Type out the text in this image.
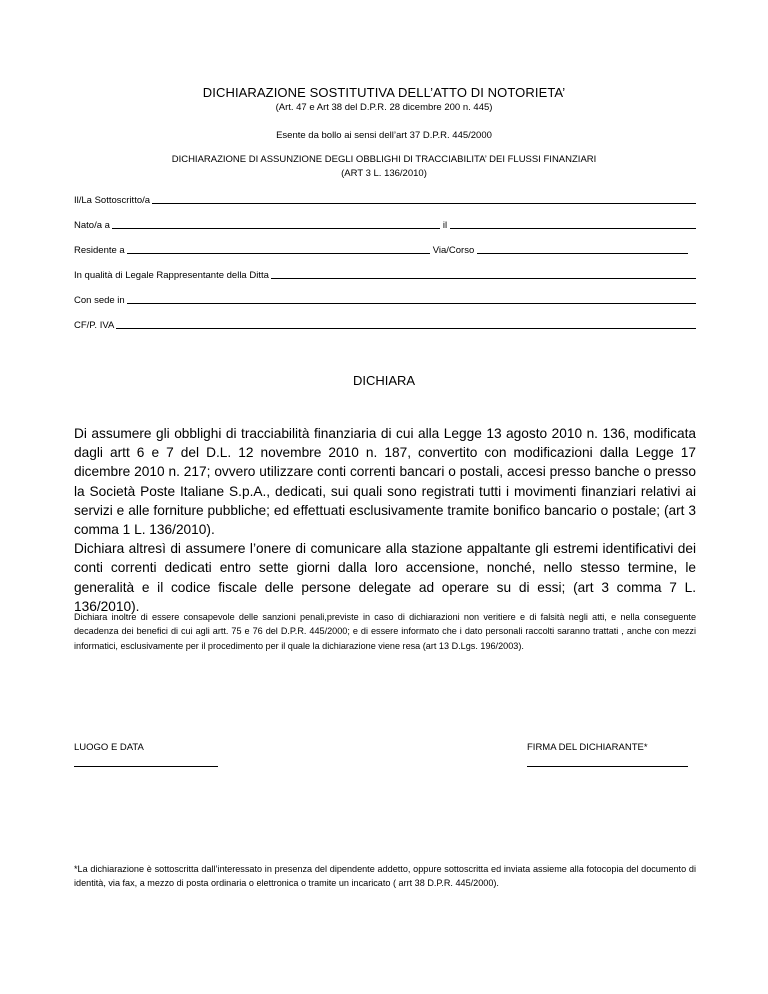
DICHIARAZIONE SOSTITUTIVA DELL’ATTO DI NOTORIETA’
(Art. 47 e Art 38 del D.P.R. 28 dicembre 200 n. 445)
Esente da bollo ai sensi dell’art 37 D.P.R. 445/2000
DICHIARAZIONE DI ASSUNZIONE DEGLI OBBLIGHI DI TRACCIABILITA’ DEI FLUSSI FINANZIARI
(ART 3 L. 136/2010)
Il/La Sottoscritto/a
Nato/a a	il
Residente a	Via/Corso
In qualità di Legale Rappresentante della Ditta
Con sede in
CF/P. IVA
DICHIARA

Di assumere gli obblighi di tracciabilità finanziaria di cui alla Legge 13 agosto 2010 n. 136, modificata dagli artt 6 e 7 del D.L. 12 novembre 2010 n. 187, convertito con modificazioni dalla Legge 17 dicembre 2010 n. 217; ovvero utilizzare conti correnti bancari o postali, accesi presso banche o presso la Società Poste Italiane S.p.A., dedicati, sui quali sono registrati tutti i movimenti finanziari relativi ai servizi e alle forniture pubbliche; ed effettuati esclusivamente tramite bonifico bancario o postale; (art 3 comma 1 L. 136/2010).

Dichiara altresì di assumere l’onere di comunicare alla stazione appaltante gli estremi identificativi dei conti correnti dedicati entro sette giorni dalla loro accensione, nonché, nello stesso termine, le generalità e il codice fiscale delle persone delegate ad operare su di essi; (art 3 comma 7 L. 136/2010).

Dichiara inoltre di essere consapevole delle sanzioni penali,previste in caso di dichiarazioni non veritiere e di falsità negli atti, e nella conseguente decadenza dei benefici di cui agli artt. 75 e 76 del D.P.R. 445/2000; e di essere informato che i dato personali raccolti saranno trattati , anche con mezzi informatici, esclusivamente per il procedimento per il quale la dichiarazione viene resa (art 13 D.Lgs. 196/2003).

LUOGO E DATA	FIRMA DEL DICHIARANTE*

*La dichiarazione è sottoscritta dall’interessato in presenza del dipendente addetto, oppure sottoscritta ed inviata assieme alla fotocopia del documento di identità, via fax, a mezzo di posta ordinaria o elettronica o tramite un incaricato ( arrt 38 D.P.R. 445/2000).
